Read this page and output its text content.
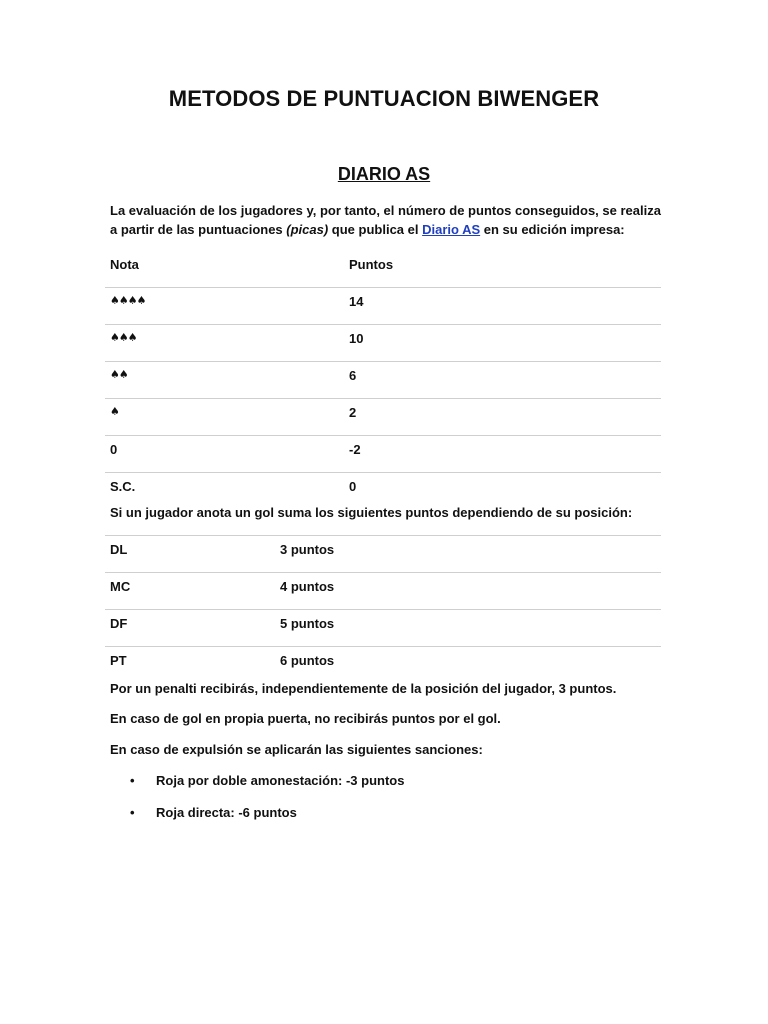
METODOS DE PUNTUACION BIWENGER
DIARIO AS
La evaluación de los jugadores y, por tanto, el número de puntos conseguidos, se realiza a partir de las puntuaciones (picas) que publica el Diario AS en su edición impresa:
Nota	Puntos
♠♠♠♠	14
♠♠♠	10
♠♠	6
♠	2
0	-2
S.C.	0
Si un jugador anota un gol suma los siguientes puntos dependiendo de su posición:
DL	3 puntos
MC	4 puntos
DF	5 puntos
PT	6 puntos
Por un penalti recibirás, independientemente de la posición del jugador, 3 puntos.
En caso de gol en propia puerta, no recibirás puntos por el gol.
En caso de expulsión se aplicarán las siguientes sanciones:
• Roja por doble amonestación: -3 puntos
• Roja directa: -6 puntos
